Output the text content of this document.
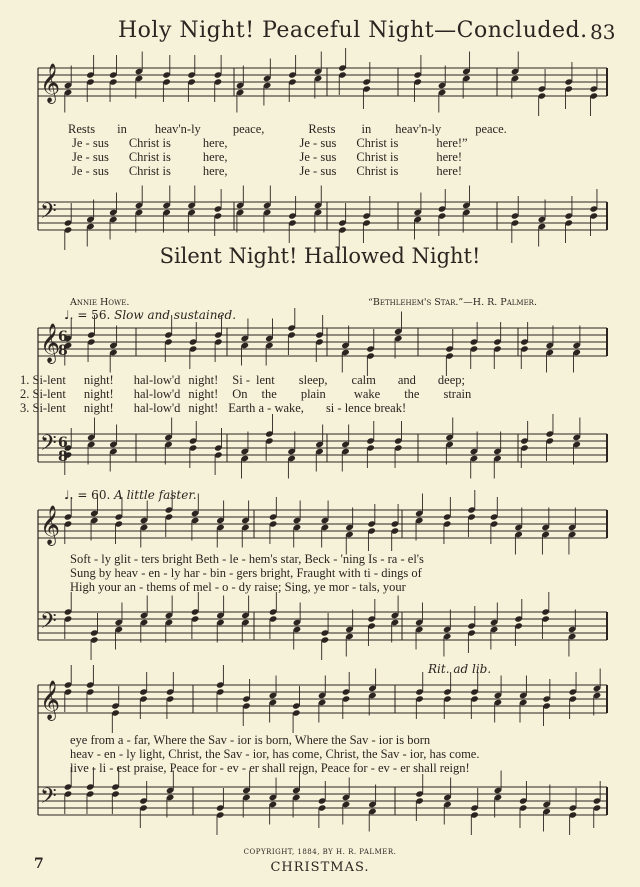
Holy Night! Peaceful Night—Concluded. 83
𝄞
𝄢
𝄞
𝄢
𝄞
𝄢
𝄞
𝄢
6
8
6
8
Rests in heav'n-ly	peace,	Rests in heav'n-ly	peace.
Je - sus Christ is	here,	Je - sus Christ is	here!”
Je - sus Christ is	here,	Je - sus Christ is	here!
Je - sus Christ is	here,	Je - sus Christ is	here!
Silent Night! Hallowed Night!
Annie Howe.	“Bethlehem's Star.”—H. R. Palmer.
♩. = 56. Slow and sustained.
1. Si-lent night! hal-low'd night! Si - lent sleep, calm and deep;
2. Si-lent night! hal-low'd night! On the plain wake the strain
3. Si-lent night! hal-low'd night! Earth a - wake, si - lence break!
♩. = 60. A little faster.
Soft - ly glit - ters bright Beth - le - hem's star, Beck - 'ning Is - ra - el's
Sung by heav - en - ly har - bin - gers bright, Fraught with ti - dings of
High your an - thems of mel - o - dy raise; Sing, ye mor - tals, your
Rit. ad lib.
eye from a - far, Where the Sav - ior is born, Where the Sav - ior is born
heav - en - ly light, Christ, the Sav - ior, has come, Christ, the Sav - ior, has come.
live - li - est praise, Peace for - ev - er shall reign, Peace for - ev - er shall reign!
COPYRIGHT, 1884, BY H. R. PALMER.
CHRISTMAS.
7
